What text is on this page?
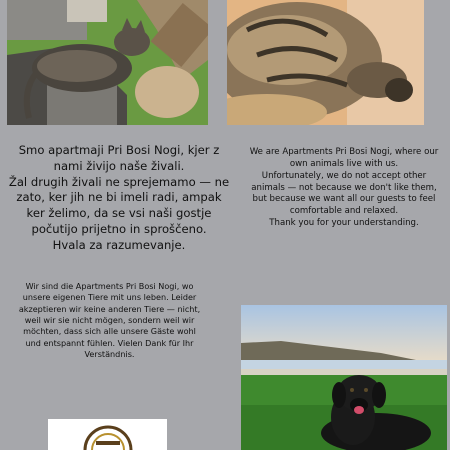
Smo apartmaji Pri Bosi Nogi, kjer z nami živijo naše živali.

Žal drugih živali ne sprejemamo — ne zato, ker jih ne bi imeli radi, ampak ker želimo, da se vsi naši gostje počutijo prijetno in sproščeno.

Hvala za razumevanje.

We are Apartments Pri Bosi Nogi, where our own animals live with us.

Unfortunately, we do not accept other animals — not because we don't like them, but because we want all our guests to feel comfortable and relaxed.

Thank you for your understanding.

Wir sind die Apartments Pri Bosi Nogi, wo unsere eigenen Tiere mit uns leben. Leider akzeptieren wir keine anderen Tiere — nicht, weil wir sie nicht mögen, sondern weil wir möchten, dass sich alle unsere Gäste wohl und entspannt fühlen. Vielen Dank für Ihr Verständnis.
